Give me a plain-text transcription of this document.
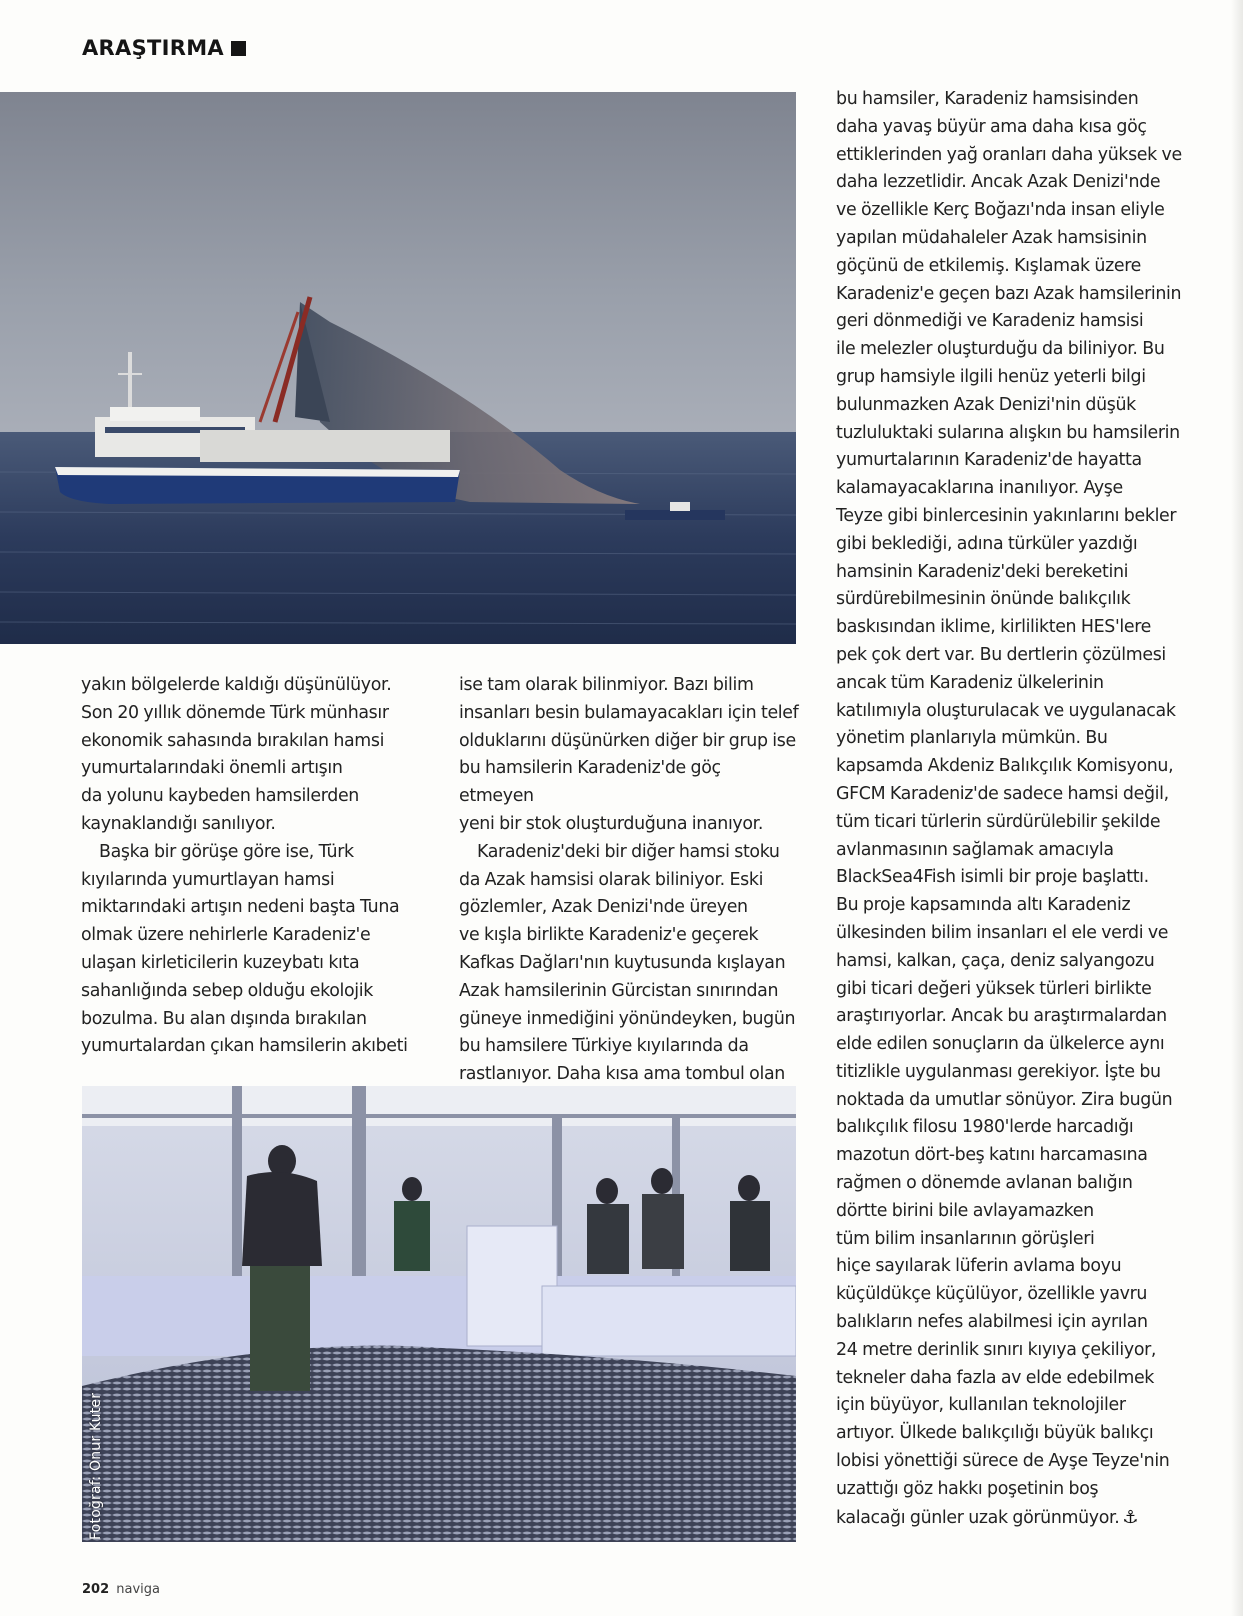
ARAŞTIRMA

yakın bölgelerde kaldığı düşünülüyor.
Son 20 yıllık dönemde Türk münhasır
ekonomik sahasında bırakılan hamsi
yumurtalarındaki önemli artışın
da yolunu kaybeden hamsilerden
kaynaklandığı sanılıyor.

Başka bir görüşe göre ise, Türk
kıyılarında yumurtlayan hamsi
miktarındaki artışın nedeni başta Tuna
olmak üzere nehirlerle Karadeniz'e
ulaşan kirleticilerin kuzeybatı kıta
sahanlığında sebep olduğu ekolojik
bozulma. Bu alan dışında bırakılan
yumurtalardan çıkan hamsilerin akıbeti

ise tam olarak bilinmiyor. Bazı bilim
insanları besin bulamayacakları için telef
olduklarını düşünürken diğer bir grup ise
bu hamsilerin Karadeniz'de göç etmeyen
yeni bir stok oluşturduğuna inanıyor.

Karadeniz'deki bir diğer hamsi stoku
da Azak hamsisi olarak biliniyor. Eski
gözlemler, Azak Denizi'nde üreyen
ve kışla birlikte Karadeniz'e geçerek
Kafkas Dağları'nın kuytusunda kışlayan
Azak hamsilerinin Gürcistan sınırından
güneye inmediğini yönündeyken, bugün
bu hamsilere Türkiye kıyılarında da
rastlanıyor. Daha kısa ama tombul olan

bu hamsiler, Karadeniz hamsisinden
daha yavaş büyür ama daha kısa göç
ettiklerinden yağ oranları daha yüksek ve
daha lezzetlidir. Ancak Azak Denizi'nde
ve özellikle Kerç Boğazı'nda insan eliyle
yapılan müdahaleler Azak hamsisinin
göçünü de etkilemiş. Kışlamak üzere
Karadeniz'e geçen bazı Azak hamsilerinin
geri dönmediği ve Karadeniz hamsisi
ile melezler oluşturduğu da biliniyor. Bu
grup hamsiyle ilgili henüz yeterli bilgi
bulunmazken Azak Denizi'nin düşük
tuzluluktaki sularına alışkın bu hamsilerin
yumurtalarının Karadeniz'de hayatta
kalamayacaklarına inanılıyor. Ayşe
Teyze gibi binlercesinin yakınlarını bekler
gibi beklediği, adına türküler yazdığı
hamsinin Karadeniz'deki bereketini
sürdürebilmesinin önünde balıkçılık
baskısından iklime, kirlilikten HES'lere
pek çok dert var. Bu dertlerin çözülmesi
ancak tüm Karadeniz ülkelerinin
katılımıyla oluşturulacak ve uygulanacak
yönetim planlarıyla mümkün. Bu
kapsamda Akdeniz Balıkçılık Komisyonu,
GFCM Karadeniz'de sadece hamsi değil,
tüm ticari türlerin sürdürülebilir şekilde
avlanmasının sağlamak amacıyla
BlackSea4Fish isimli bir proje başlattı.
Bu proje kapsamında altı Karadeniz
ülkesinden bilim insanları el ele verdi ve
hamsi, kalkan, çaça, deniz salyangozu
gibi ticari değeri yüksek türleri birlikte
araştırıyorlar. Ancak bu araştırmalardan
elde edilen sonuçların da ülkelerce aynı
titizlikle uygulanması gerekiyor. İşte bu
noktada da umutlar sönüyor. Zira bugün
balıkçılık filosu 1980'lerde harcadığı
mazotun dört-beş katını harcamasına
rağmen o dönemde avlanan balığın
dörtte birini bile avlayamazken
tüm bilim insanlarının görüşleri
hiçe sayılarak lüferin avlama boyu
küçüldükçe küçülüyor, özellikle yavru
balıkların nefes alabilmesi için ayrılan
24 metre derinlik sınırı kıyıya çekiliyor,
tekneler daha fazla av elde edebilmek
için büyüyor, kullanılan teknolojiler
artıyor. Ülkede balıkçılığı büyük balıkçı
lobisi yönettiği sürece de Ayşe Teyze'nin
uzattığı göz hakkı poşetinin boş
kalacağı günler uzak görünmüyor. ⚓

Fotoğraf: Onur Kuter
202 naviga
